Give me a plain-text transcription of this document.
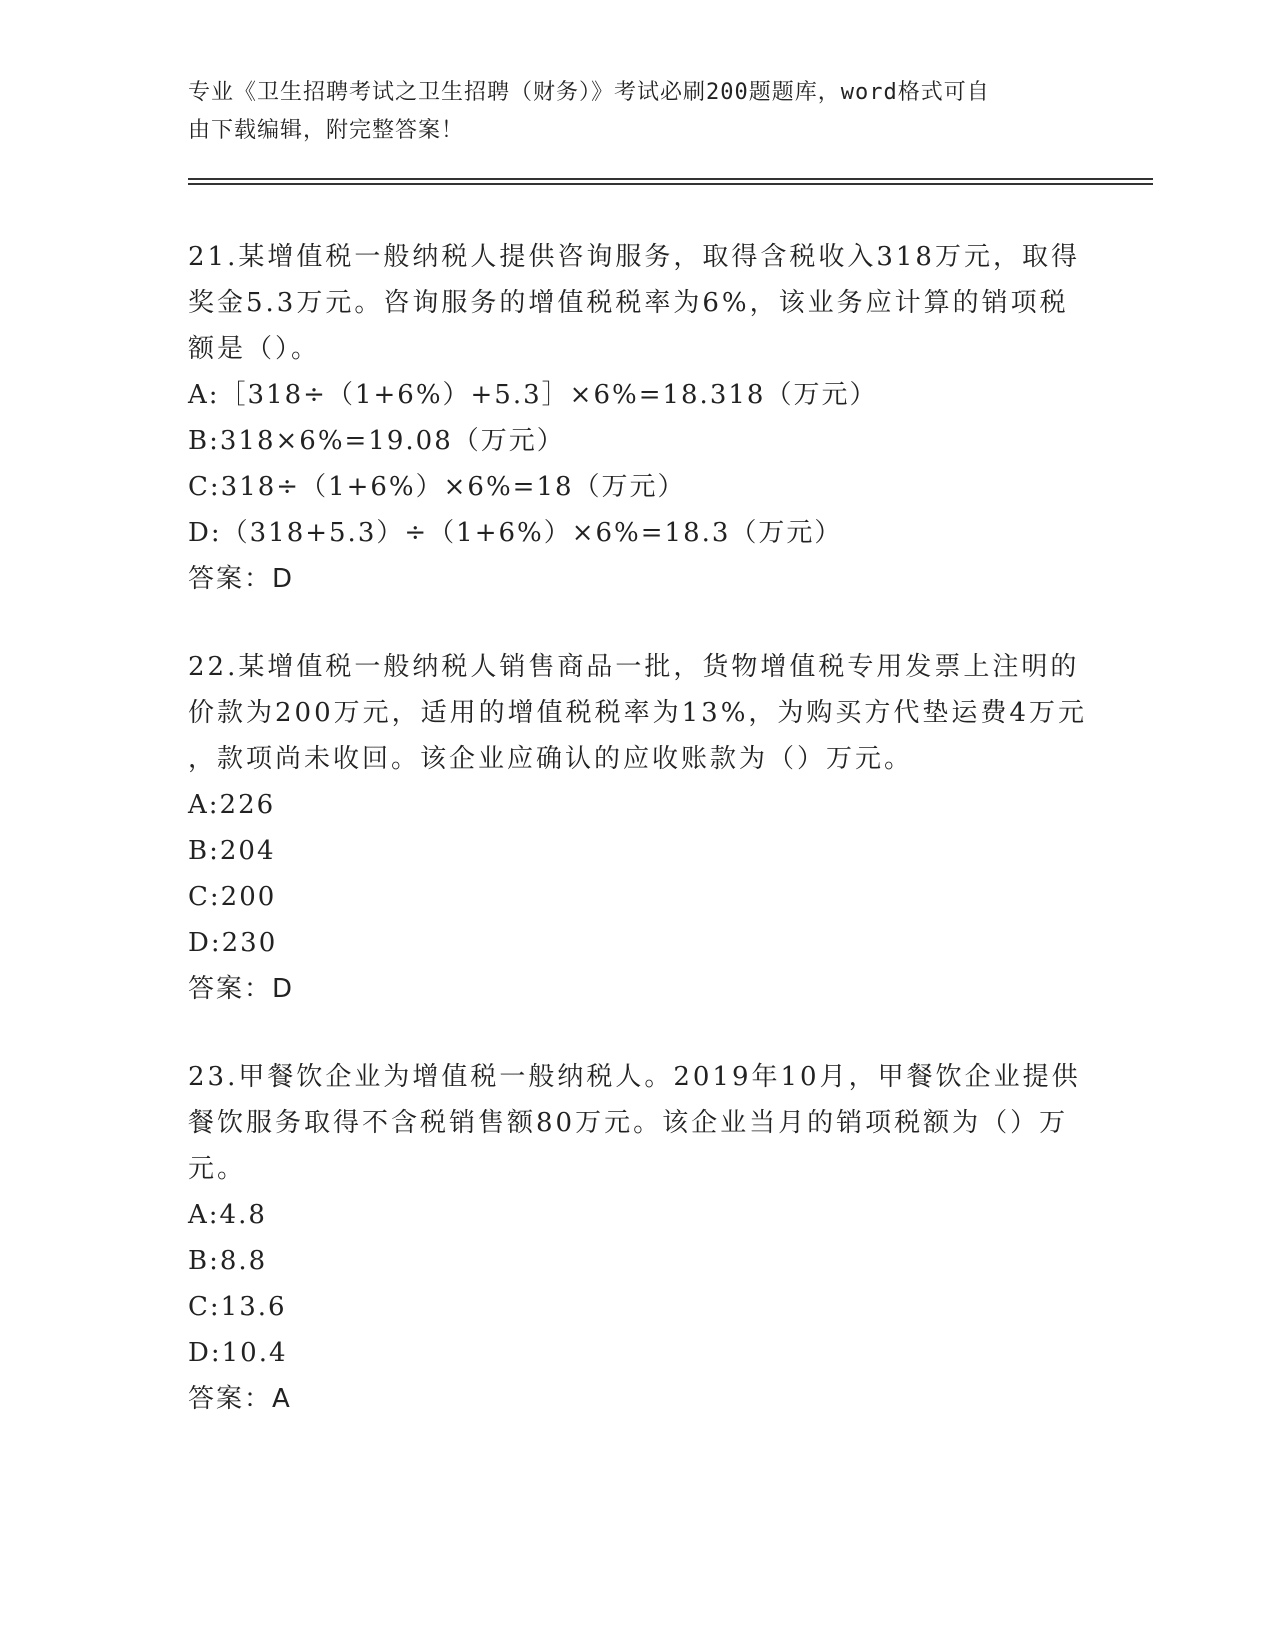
专业《卫生招聘考试之卫生招聘（财务）》考试必刷200题题库，word格式可自
由下载编辑，附完整答案！
21.某增值税一般纳税人提供咨询服务，取得含税收入318万元，取得
奖金5.3万元。咨询服务的增值税税率为6%，该业务应计算的销项税
额是（）。
A:［318÷（1+6%）+5.3］×6%=18.318（万元）
B:318×6%=19.08（万元）
C:318÷（1+6%）×6%=18（万元）
D:（318+5.3）÷（1+6%）×6%=18.3（万元）
答案：D
22.某增值税一般纳税人销售商品一批，货物增值税专用发票上注明的
价款为200万元，适用的增值税税率为13%，为购买方代垫运费4万元
，款项尚未收回。该企业应确认的应收账款为（）万元。
A:226
B:204
C:200
D:230
答案：D
23.甲餐饮企业为增值税一般纳税人。2019年10月，甲餐饮企业提供
餐饮服务取得不含税销售额80万元。该企业当月的销项税额为（）万
元。
A:4.8
B:8.8
C:13.6
D:10.4
答案：A
